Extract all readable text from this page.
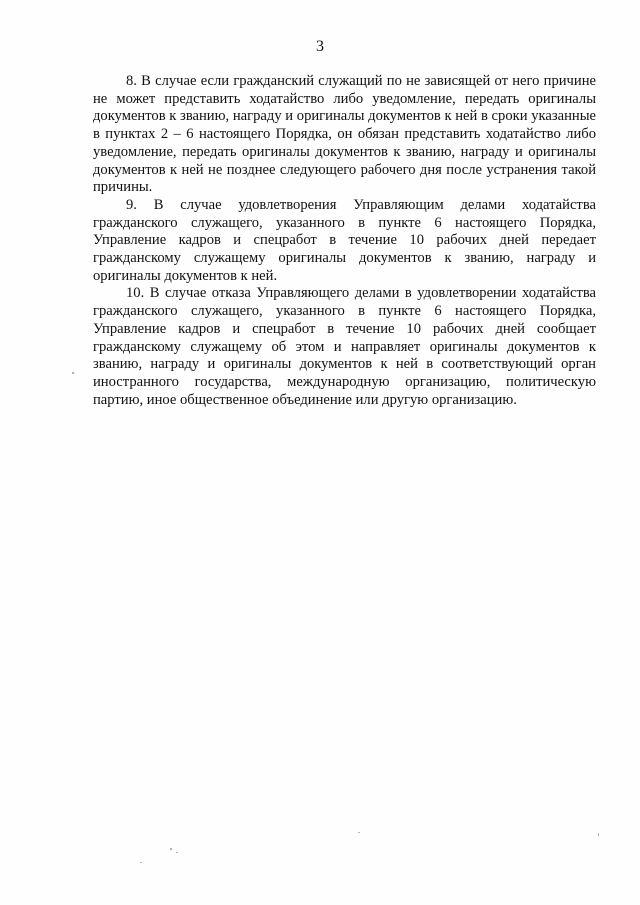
3

8. В случае если гражданский служащий по не зависящей от него причине не может представить ходатайство либо уведомление, передать оригиналы документов к званию, награду и оригиналы документов к ней в сроки указанные в пунктах 2 – 6 настоящего Порядка, он обязан представить ходатайство либо уведомление, передать оригиналы документов к званию, награду и оригиналы документов к ней не позднее следующего рабочего дня после устранения такой причины.

9. В случае удовлетворения Управляющим делами ходатайства гражданского служащего, указанного в пункте 6 настоящего Порядка, Управление кадров и спецработ в течение 10 рабочих дней передает гражданскому служащему оригиналы документов к званию, награду и оригиналы документов к ней.

10. В случае отказа Управляющего делами в удовлетворении ходатайства гражданского служащего, указанного в пункте 6 настоящего Порядка, Управление кадров и спецработ в течение 10 рабочих дней сообщает гражданскому служащему об этом и направляет оригиналы документов к званию, награду и оригиналы документов к ней в соответствующий орган иностранного государства, международную организацию, политическую партию, иное общественное объединение или другую организацию.
